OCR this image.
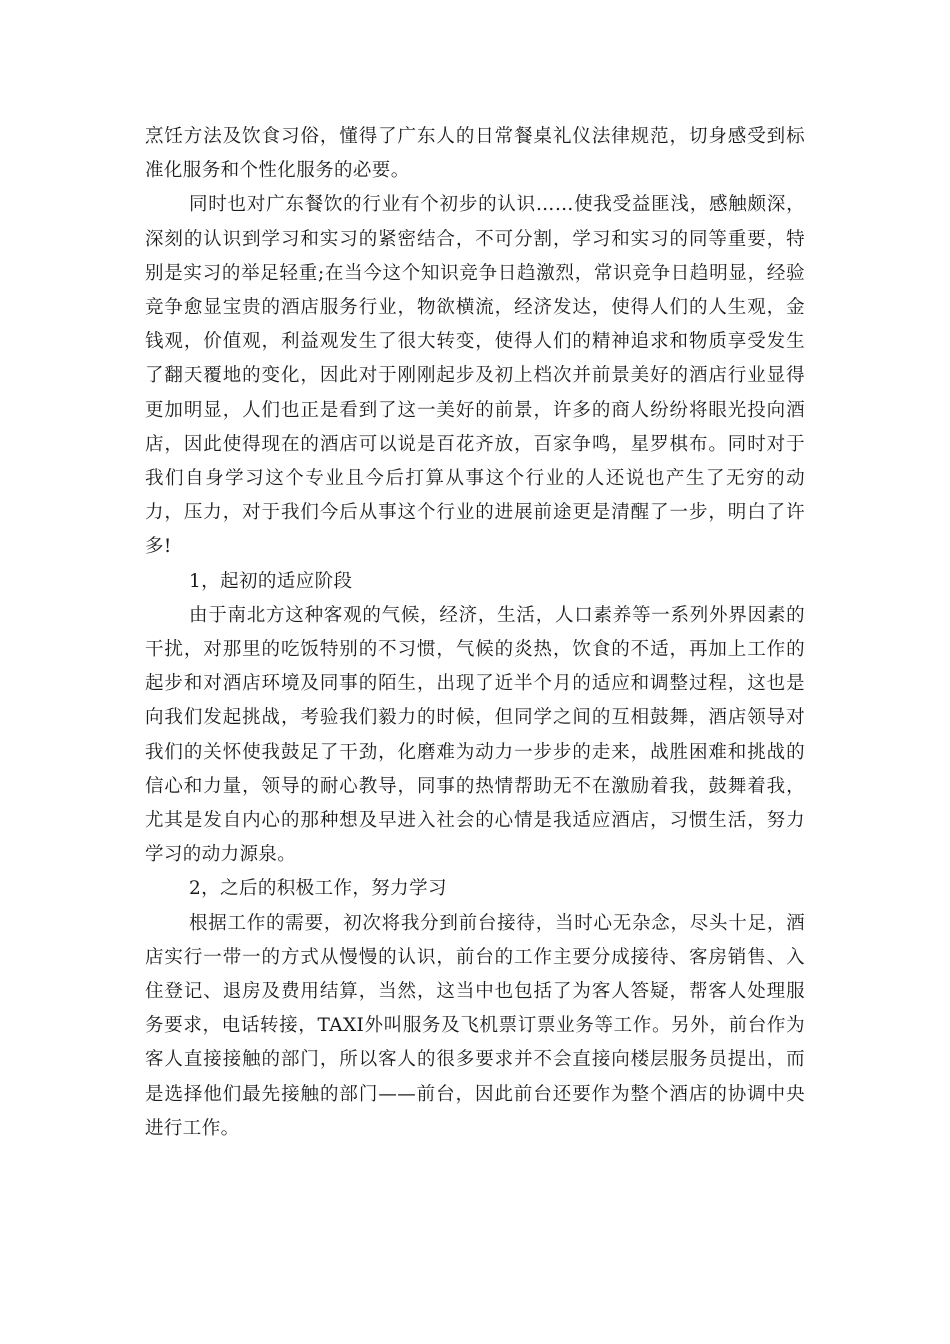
烹饪方法及饮食习俗，懂得了广东人的日常餐桌礼仪法律规范，切身感受到标准化服务和个性化服务的必要。

同时也对广东餐饮的行业有个初步的认识……使我受益匪浅，感触颇深，深刻的认识到学习和实习的紧密结合，不可分割，学习和实习的同等重要，特别是实习的举足轻重;在当今这个知识竞争日趋激烈，常识竞争日趋明显，经验竞争愈显宝贵的酒店服务行业，物欲横流，经济发达，使得人们的人生观，金钱观，价值观，利益观发生了很大转变，使得人们的精神追求和物质享受发生了翻天覆地的变化，因此对于刚刚起步及初上档次并前景美好的酒店行业显得更加明显，人们也正是看到了这一美好的前景，许多的商人纷纷将眼光投向酒店，因此使得现在的酒店可以说是百花齐放，百家争鸣，星罗棋布。同时对于我们自身学习这个专业且今后打算从事这个行业的人还说也产生了无穷的动力，压力，对于我们今后从事这个行业的进展前途更是清醒了一步，明白了许多!

1，起初的适应阶段

由于南北方这种客观的气候，经济，生活，人口素养等一系列外界因素的干扰，对那里的吃饭特别的不习惯，气候的炎热，饮食的不适，再加上工作的起步和对酒店环境及同事的陌生，出现了近半个月的适应和调整过程，这也是向我们发起挑战，考验我们毅力的时候，但同学之间的互相鼓舞，酒店领导对我们的关怀使我鼓足了干劲，化磨难为动力一步步的走来，战胜困难和挑战的信心和力量，领导的耐心教导，同事的热情帮助无不在激励着我，鼓舞着我，尤其是发自内心的那种想及早进入社会的心情是我适应酒店，习惯生活，努力学习的动力源泉。

2，之后的积极工作，努力学习

根据工作的需要，初次将我分到前台接待，当时心无杂念，尽头十足，酒店实行一带一的方式从慢慢的认识，前台的工作主要分成接待、客房销售、入住登记、退房及费用结算，当然，这当中也包括了为客人答疑，帮客人处理服务要求，电话转接，TAXI外叫服务及飞机票订票业务等工作。另外，前台作为客人直接接触的部门，所以客人的很多要求并不会直接向楼层服务员提出，而是选择他们最先接触的部门——前台，因此前台还要作为整个酒店的协调中央进行工作。
